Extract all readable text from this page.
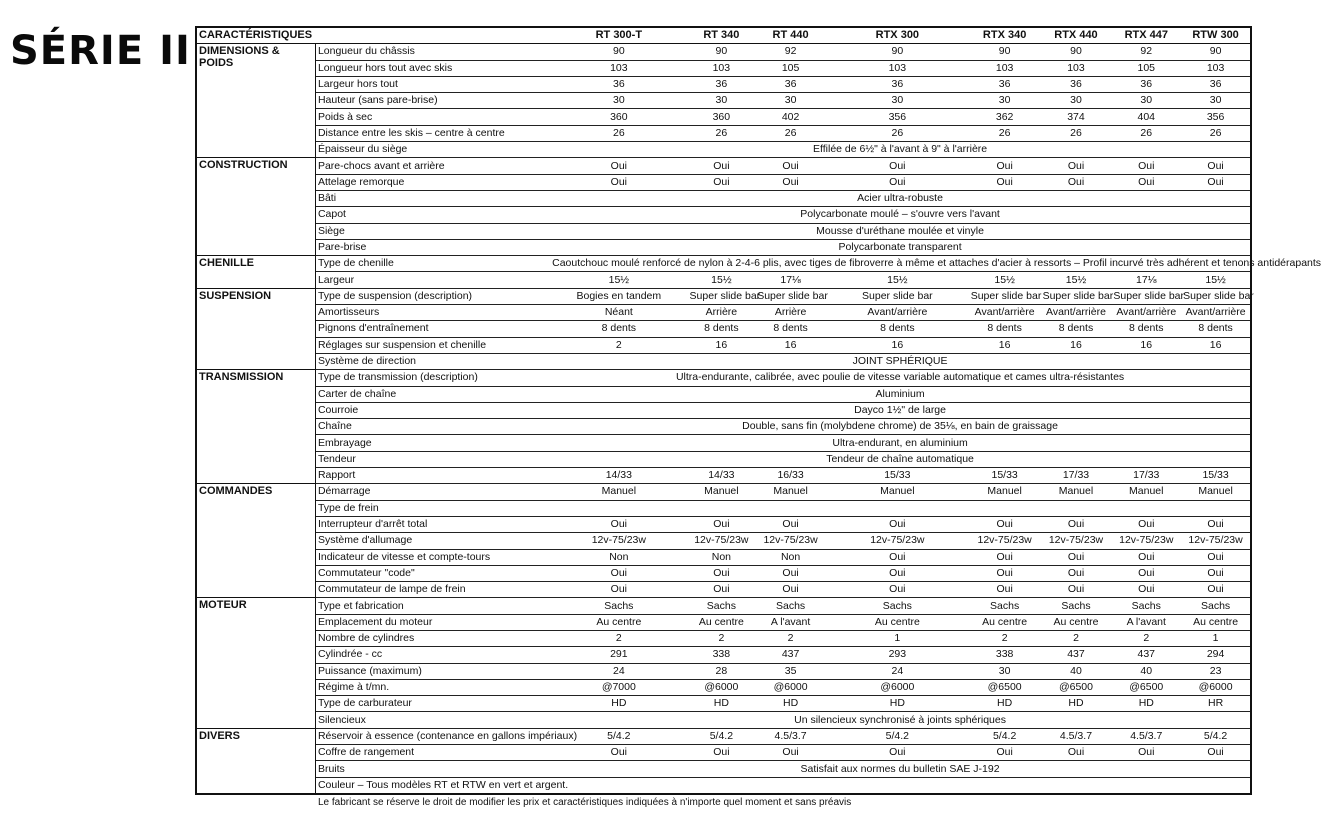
SÉRIE II CARACTÉRISTIQUES		RT 300-T	RT 340	RT 440	RTX 300	RTX 340	RTX 440	RTX 447	RTW 300
DIMENSIONS & POIDS	Longueur du châssis	90	90	92	90	90	90	92	90
	Longueur hors tout avec skis	103	103	105	103	103	103	105	103
	Largeur hors tout	36	36	36	36	36	36	36	36
	Hauteur (sans pare-brise)	30	30	30	30	30	30	30	30
	Poids à sec	360	360	402	356	362	374	404	356
	Distance entre les skis – centre à centre	26	26	26	26	26	26	26	26
	Épaisseur du siège	Effilée de 6½" à l'avant à 9" à l'arrière							
CONSTRUCTION	Pare-chocs avant et arrière	Oui	Oui	Oui	Oui	Oui	Oui	Oui	Oui
	Attelage remorque	Oui	Oui	Oui	Oui	Oui	Oui	Oui	Oui
	Bâti	Acier ultra-robuste							
	Capot	Polycarbonate moulé – s'ouvre vers l'avant							
	Siège	Mousse d'uréthane moulée et vinyle							
	Pare-brise	Polycarbonate transparent							
CHENILLE	Type de chenille	Caoutchouc moulé renforcé de nylon à 2-4-6 plis, avec tiges de fibroverre à même et attaches d'acier à ressorts – Profil incurvé très adhérent et tenons antidérapants							
	Largeur	15½	15½	17⅛	15½	15½	15½	17⅛	15½
SUSPENSION	Type de suspension (description)	Bogies en tandem	Super slide bar	Super slide bar	Super slide bar	Super slide bar	Super slide bar	Super slide bar	Super slide bar
	Amortisseurs	Néant	Arrière	Arrière	Avant/arrière	Avant/arrière	Avant/arrière	Avant/arrière	Avant/arrière
	Pignons d'entraînement	8 dents	8 dents	8 dents	8 dents	8 dents	8 dents	8 dents	8 dents
	Réglages sur suspension et chenille	2	16	16	16	16	16	16	16
	Système de direction	JOINT SPHÉRIQUE							
TRANSMISSION	Type de transmission (description)	Ultra-endurante, calibrée, avec poulie de vitesse variable automatique et cames ultra-résistantes							
	Carter de chaîne	Aluminium							
	Courroie	Dayco 1½" de large							
	Chaîne	Double, sans fin (molybdene chrome) de 35⅛, en bain de graissage							
	Embrayage	Ultra-endurant, en aluminium							
	Tendeur	Tendeur de chaîne automatique							
	Rapport	14/33	14/33	16/33	15/33	15/33	17/33	17/33	15/33
COMMANDES	Démarrage	Manuel	Manuel	Manuel	Manuel	Manuel	Manuel	Manuel	Manuel
	Type de frein								
	Interrupteur d'arrêt total	Oui	Oui	Oui	Oui	Oui	Oui	Oui	Oui
	Système d'allumage	12v-75/23w	12v-75/23w	12v-75/23w	12v-75/23w	12v-75/23w	12v-75/23w	12v-75/23w	12v-75/23w
	Indicateur de vitesse et compte-tours	Non	Non	Non	Oui	Oui	Oui	Oui	Oui
	Commutateur "code"	Oui	Oui	Oui	Oui	Oui	Oui	Oui	Oui
	Commutateur de lampe de frein	Oui	Oui	Oui	Oui	Oui	Oui	Oui	Oui
MOTEUR	Type et fabrication	Sachs	Sachs	Sachs	Sachs	Sachs	Sachs	Sachs	Sachs
	Emplacement du moteur	Au centre	Au centre	A l'avant	Au centre	Au centre	Au centre	A l'avant	Au centre
	Nombre de cylindres	2	2	2	1	2	2	2	1
	Cylindrée - cc	291	338	437	293	338	437	437	294
	Puissance (maximum)	24	28	35	24	30	40	40	23
	Régime à t/mn.	@7000	@6000	@6000	@6000	@6500	@6500	@6500	@6000
	Type de carburateur	HD	HD	HD	HD	HD	HD	HD	HR
	Silencieux	Un silencieux synchronisé à joints sphériques							
DIVERS	Réservoir à essence (contenance en gallons impériaux)	5/4.2	5/4.2	4.5/3.7	5/4.2	5/4.2	4.5/3.7	4.5/3.7	5/4.2
	Coffre de rangement	Oui	Oui	Oui	Oui	Oui	Oui	Oui	Oui
	Bruits	Satisfait aux normes du bulletin SAE J-192							
	Couleur – Tous modèles RT et RTW en vert et argent.								
Le fabricant se réserve le droit de modifier les prix et caractéristiques indiquées à n'importe quel moment et sans préavis
